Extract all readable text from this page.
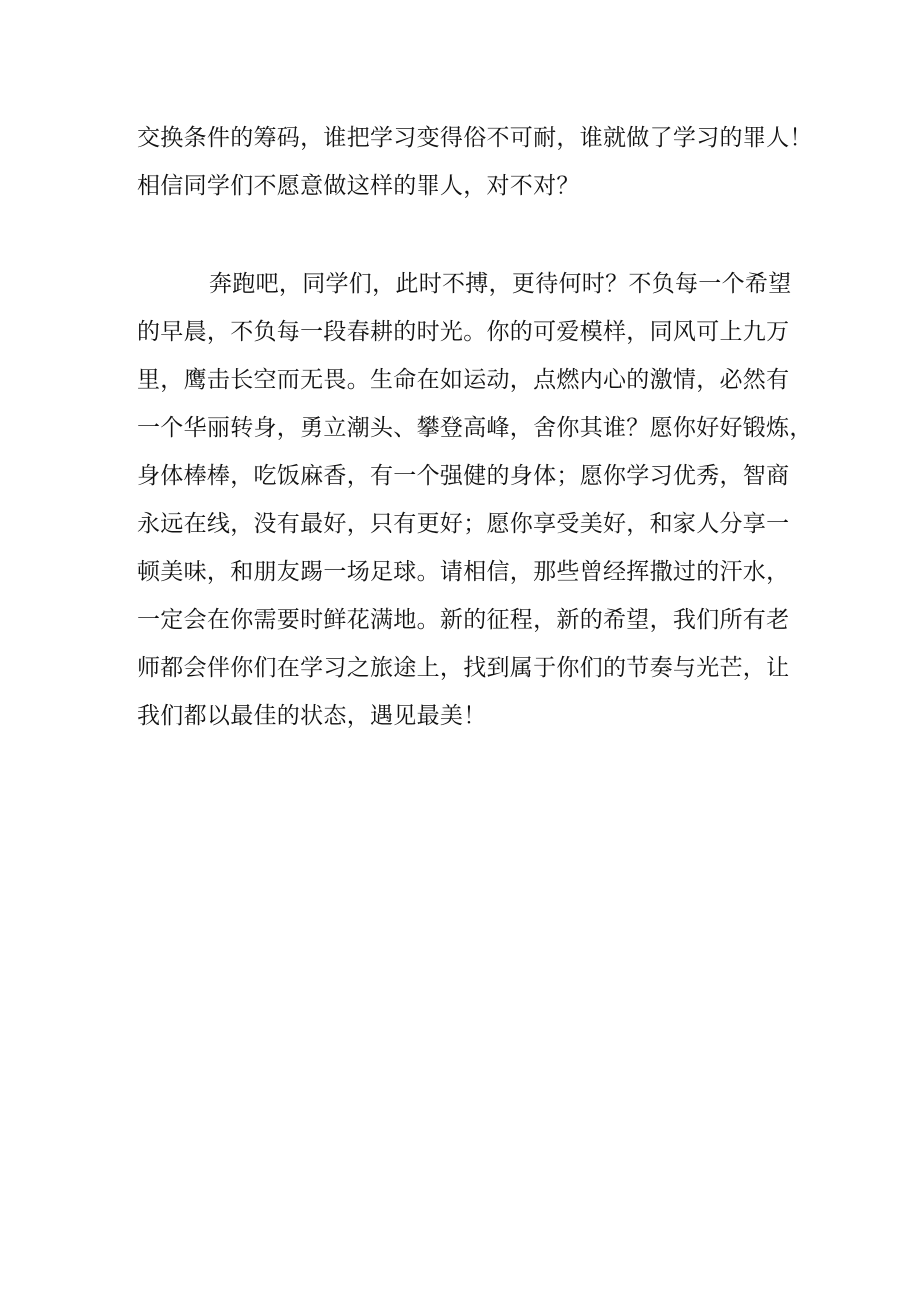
交换条件的筹码，谁把学习变得俗不可耐，谁就做了学习的罪人！
相信同学们不愿意做这样的罪人，对不对？
奔跑吧，同学们，此时不搏，更待何时？不负每一个希望
的早晨，不负每一段春耕的时光。你的可爱模样，同风可上九万
里，鹰击长空而无畏。生命在如运动，点燃内心的激情，必然有
一个华丽转身，勇立潮头、攀登高峰，舍你其谁？愿你好好锻炼，
身体棒棒，吃饭麻香，有一个强健的身体；愿你学习优秀，智商
永远在线，没有最好，只有更好；愿你享受美好，和家人分享一
顿美味，和朋友踢一场足球。请相信，那些曾经挥撒过的汗水，
一定会在你需要时鲜花满地。新的征程，新的希望，我们所有老
师都会伴你们在学习之旅途上，找到属于你们的节奏与光芒，让
我们都以最佳的状态，遇见最美！
